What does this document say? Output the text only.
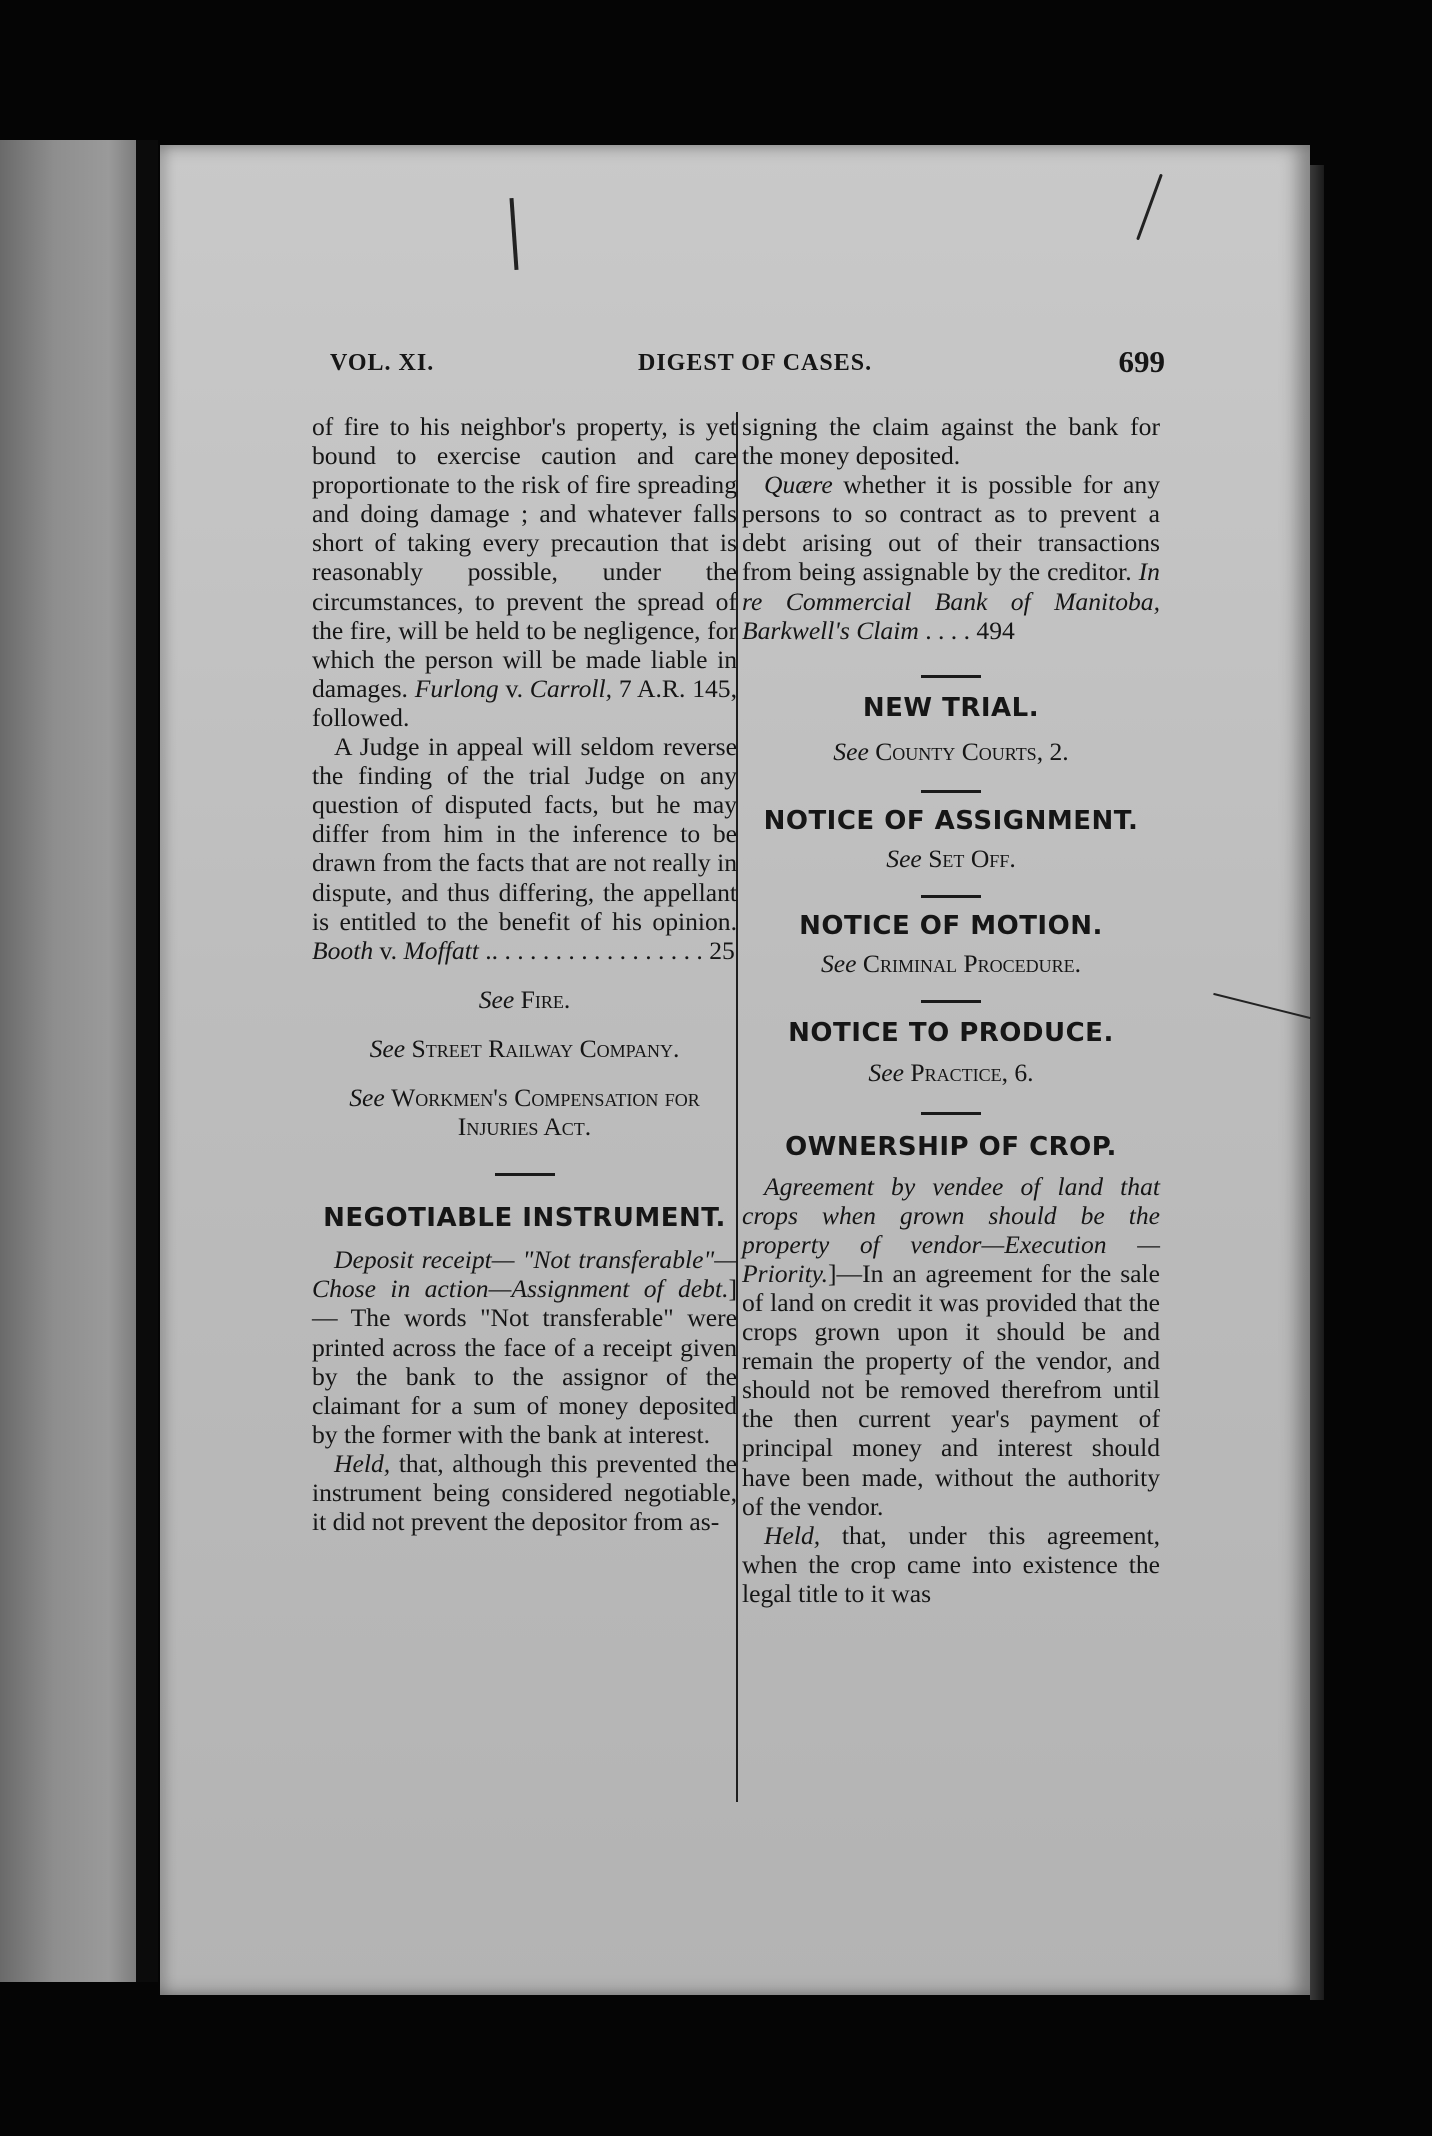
VOL. XI.	DIGEST OF CASES.	699

of fire to his neighbor's property, is yet bound to exercise caution and care proportionate to the risk of fire spreading and doing damage ; and whatever falls short of taking every precaution that is reasonably possible, under the circumstances, to prevent the spread of the fire, will be held to be negligence, for which the person will be made liable in damages. Furlong v. Carroll, 7 A.R. 145, followed.

A Judge in appeal will seldom reverse the finding of the trial Judge on any question of disputed facts, but he may differ from him in the inference to be drawn from the facts that are not really in dispute, and thus differing, the appellant is entitled to the benefit of his opinion. Booth v. Moffatt .. . . . . . . . . . . . . . . . . 25

See Fire.

See Street Railway Company.

See Workmen's Compensation for Injuries Act.

NEGOTIABLE INSTRUMENT.

Deposit receipt— "Not transferable"—Chose in action—Assignment of debt.] — The words "Not transferable" were printed across the face of a receipt given by the bank to the assignor of the claimant for a sum of money deposited by the former with the bank at interest.

Held, that, although this prevented the instrument being considered negotiable, it did not prevent the depositor from as-

signing the claim against the bank for the money deposited.

Quære whether it is possible for any persons to so contract as to prevent a debt arising out of their transactions from being assignable by the creditor. In re Commercial Bank of Manitoba, Barkwell's Claim . . . . 494

NEW TRIAL.

See County Courts, 2.

NOTICE OF ASSIGNMENT.

See Set Off.

NOTICE OF MOTION.

See Criminal Procedure.

NOTICE TO PRODUCE.

See Practice, 6.

OWNERSHIP OF CROP.

Agreement by vendee of land that crops when grown should be the property of vendor—Execution —Priority.]—In an agreement for the sale of land on credit it was provided that the crops grown upon it should be and remain the property of the vendor, and should not be removed therefrom until the then current year's payment of principal money and interest should have been made, without the authority of the vendor.

Held, that, under this agreement, when the crop came into existence the legal title to it was
